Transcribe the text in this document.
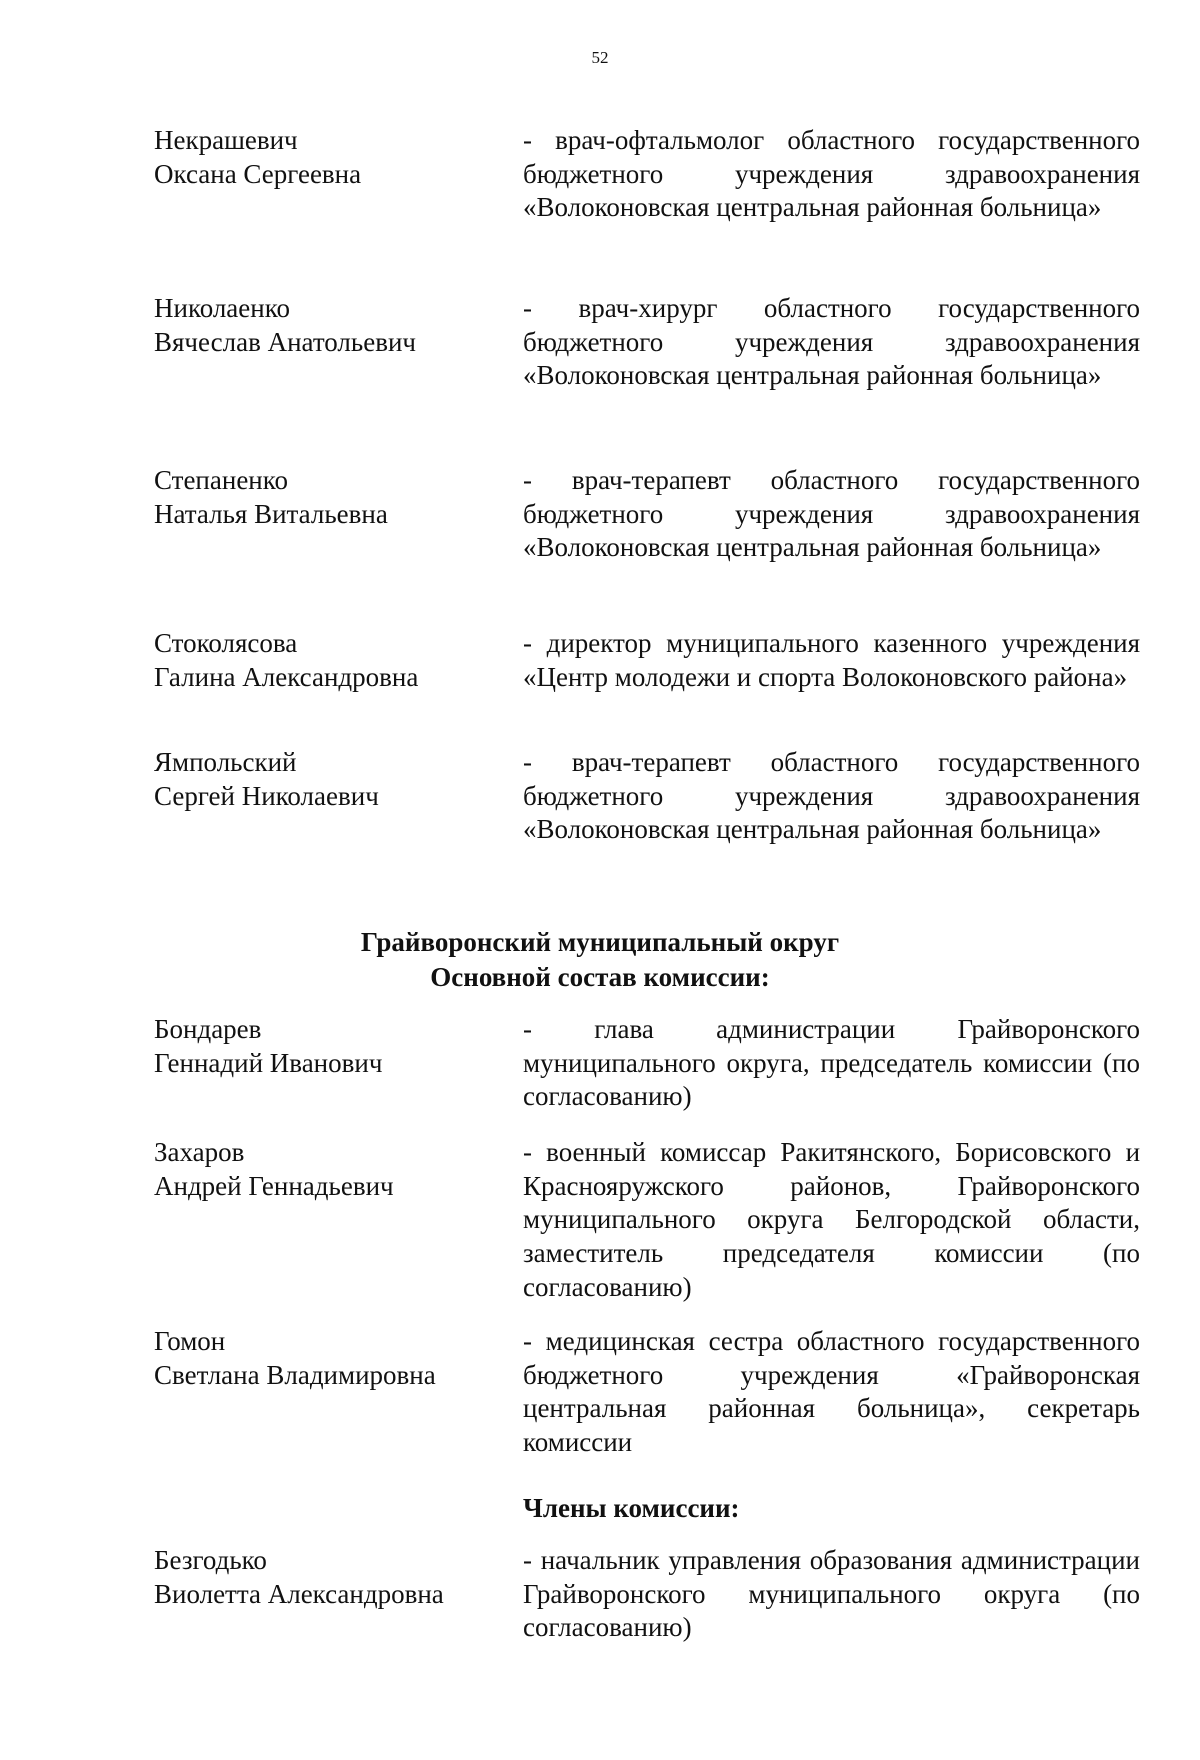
52
Некрашевич
Оксана Сергеевна
- врач-офтальмолог областного государственного бюджетного учреждения	здравоохранения «Волоконовская центральная районная больница»
Николаенко
Вячеслав Анатольевич
- врач-хирург областного государственного бюджетного учреждения здравоохранения «Волоконовская центральная районная больница»
Степаненко
Наталья Витальевна
- врач-терапевт областного государственного бюджетного учреждения здравоохранения «Волоконовская центральная районная больница»
Стоколясова
Галина Александровна
- директор муниципального казенного учреждения «Центр молодежи и спорта Волоконовского района»
Ямпольский
Сергей Николаевич
- врач-терапевт областного государственного бюджетного учреждения здравоохранения «Волоконовская центральная районная больница»
Грайворонский муниципальный округ
Основной состав комиссии:
Бондарев
Геннадий Иванович
- глава администрации Грайворонского муниципального округа, председатель комиссии (по согласованию)
Захаров
Андрей Геннадьевич
- военный комиссар Ракитянского, Борисовского и Краснояружского районов, Грайворонского муниципального округа Белгородской области, заместитель председателя комиссии (по согласованию)
Гомон
Светлана Владимировна
- медицинская сестра областного государственного бюджетного учреждения	«Грайворонская центральная районная больница», секретарь комиссии
Члены комиссии:
Безгодько
Виолетта Александровна
- начальник управления образования администрации Грайворонского муниципального округа (по согласованию)
